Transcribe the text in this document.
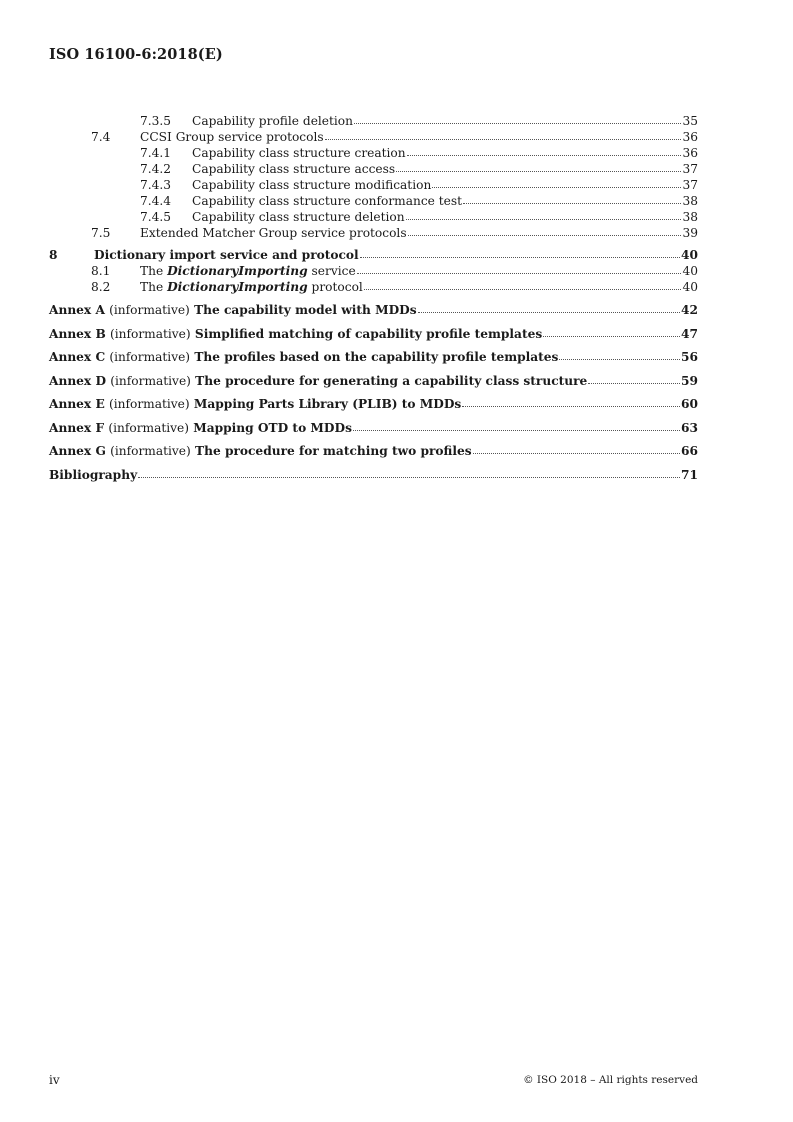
ISO 16100-6:2018(E)
7.3.5	Capability profile deletion	35
7.4	CCSI Group service protocols	36
7.4.1	Capability class structure creation	36
7.4.2	Capability class structure access	37
7.4.3	Capability class structure modification	37
7.4.4	Capability class structure conformance test	38
7.4.5	Capability class structure deletion	38
7.5	Extended Matcher Group service protocols	39
8	Dictionary import service and protocol	40
8.1	The DictionaryImporting service	40
8.2	The DictionaryImporting protocol	40
Annex A (informative) The capability model with MDDs	42
Annex B (informative) Simplified matching of capability profile templates	47
Annex C (informative) The profiles based on the capability profile templates	56
Annex D (informative) The procedure for generating a capability class structure	59
Annex E (informative) Mapping Parts Library (PLIB) to MDDs	60
Annex F (informative) Mapping OTD to MDDs	63
Annex G (informative) The procedure for matching two profiles	66
Bibliography	71
iv	© ISO 2018 – All rights reserved
